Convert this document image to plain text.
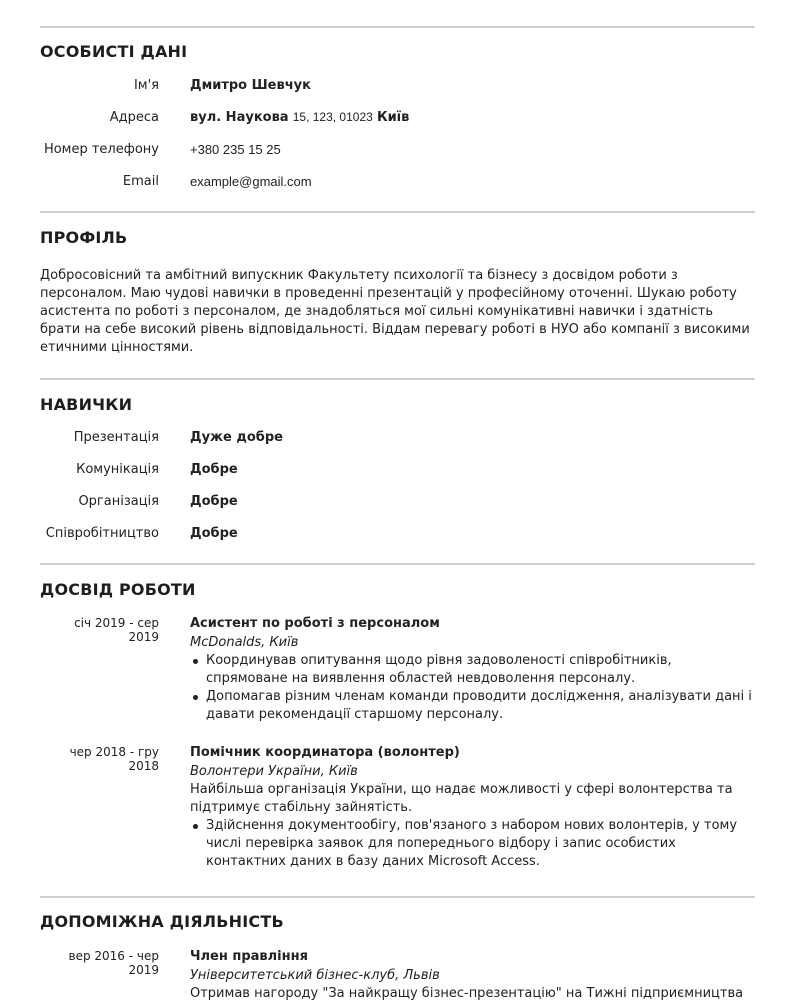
ОСОБИСТІ ДАНІ
Ім'я Дмитро Шевчук
Адреса вул. Наукова 15, 123, 01023 Київ
Номер телефону +380 235 15 25
Email example@gmail.com
ПРОФІЛЬ

Добросовісний та амбітний випускник Факультету психології та бізнесу з досвідом роботи з персоналом. Маю чудові навички в проведенні презентацій у професійному оточенні. Шукаю роботу асистента по роботі з персоналом, де знадобляться мої сильні комунікативні навички і здатність брати на себе високий рівень відповідальності. Віддам перевагу роботі в НУО або компанії з високими етичними цінностями.

НАВИЧКИ
Презентація Дуже добре
Комунікація Добре
Організація Добре
Співробітництво Добре
ДОСВІД РОБОТИ
січ 2019 - сер 2019
Асистент по роботі з персоналом
McDonalds, Київ
Координував опитування щодо рівня задоволеності співробітників, спрямоване на виявлення областей невдоволення персоналу.
Допомагав різним членам команди проводити дослідження, аналізувати дані і давати рекомендації старшому персоналу.
чер 2018 - гру 2018
Помічник координатора (волонтер)
Волонтери України, Київ

Найбільша організація України, що надає можливості у сфері волонтерства та підтримує стабільну зайнятість.

Здійснення документообігу, пов'язаного з набором нових волонтерів, у тому числі перевірка заявок для попереднього відбору і запис особистих контактних даних в базу даних Microsoft Access.
ДОПОМІЖНА ДІЯЛЬНІСТЬ
вер 2016 - чер 2019
Член правління
Університетський бізнес-клуб, Львів

Отримав нагороду "За найкращу бізнес-презентацію" на Тижні підприємництва
